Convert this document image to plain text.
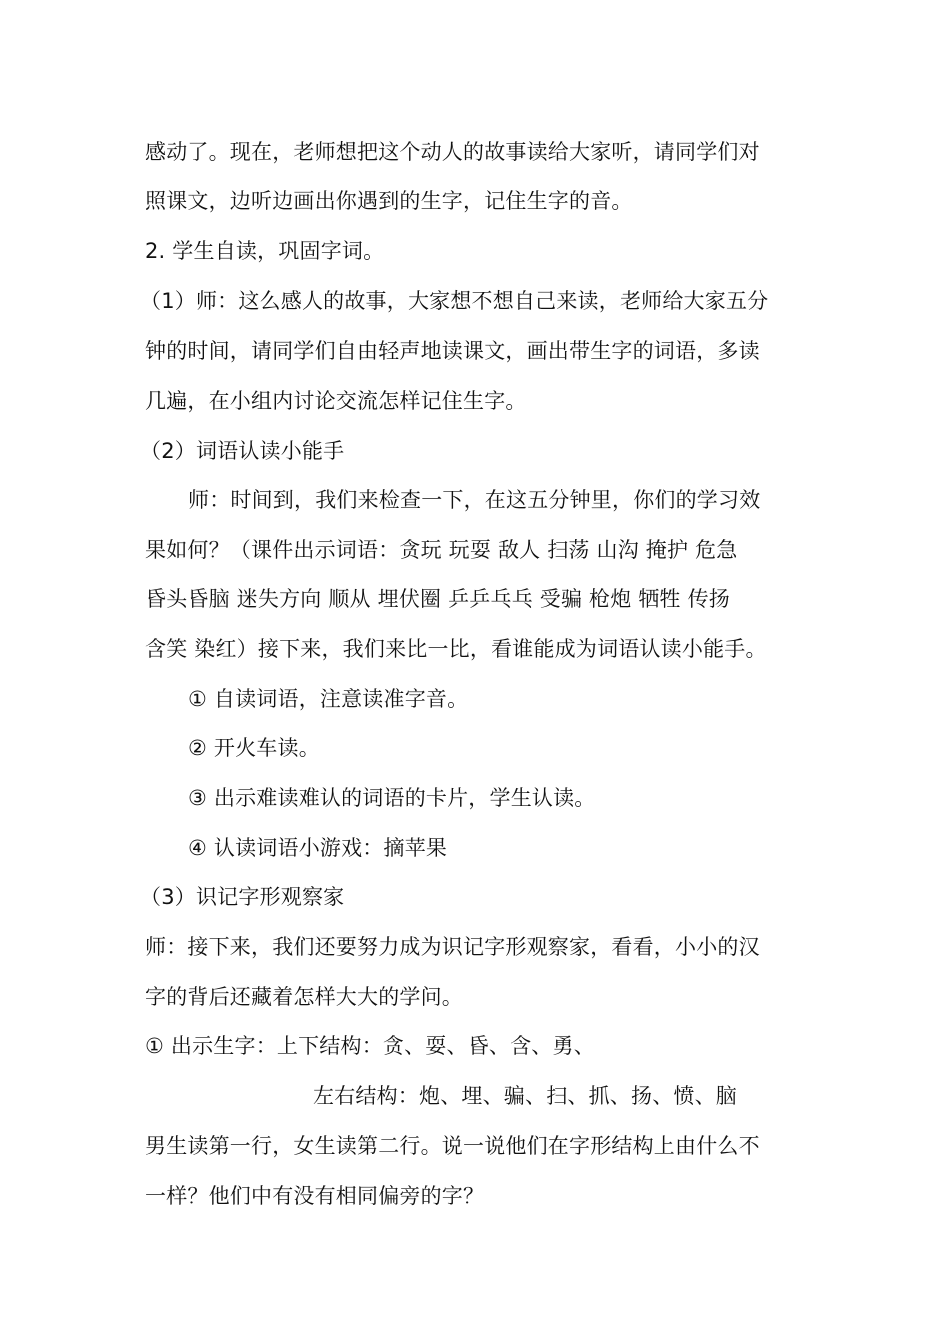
感动了。现在，老师想把这个动人的故事读给大家听，请同学们对
照课文，边听边画出你遇到的生字，记住生字的音。
2. 学生自读，巩固字词。
（1）师：这么感人的故事，大家想不想自己来读，老师给大家五分
钟的时间，请同学们自由轻声地读课文，画出带生字的词语，多读
几遍，在小组内讨论交流怎样记住生字。
（2）词语认读小能手
师：时间到，我们来检查一下，在这五分钟里，你们的学习效
果如何？（课件出示词语：贪玩 玩耍 敌人 扫荡 山沟 掩护 危急
昏头昏脑 迷失方向 顺从 埋伏圈 乒乒乓乓 受骗 枪炮 牺牲 传扬
含笑 染红）接下来，我们来比一比，看谁能成为词语认读小能手。
① 自读词语，注意读准字音。
② 开火车读。
③ 出示难读难认的词语的卡片，学生认读。
④ 认读词语小游戏：摘苹果
（3）识记字形观察家
师：接下来，我们还要努力成为识记字形观察家，看看，小小的汉
字的背后还藏着怎样大大的学问。
① 出示生字：上下结构：贪、耍、昏、含、勇、
左右结构：炮、埋、骗、扫、抓、扬、愤、脑
男生读第一行，女生读第二行。说一说他们在字形结构上由什么不
一样？他们中有没有相同偏旁的字？
